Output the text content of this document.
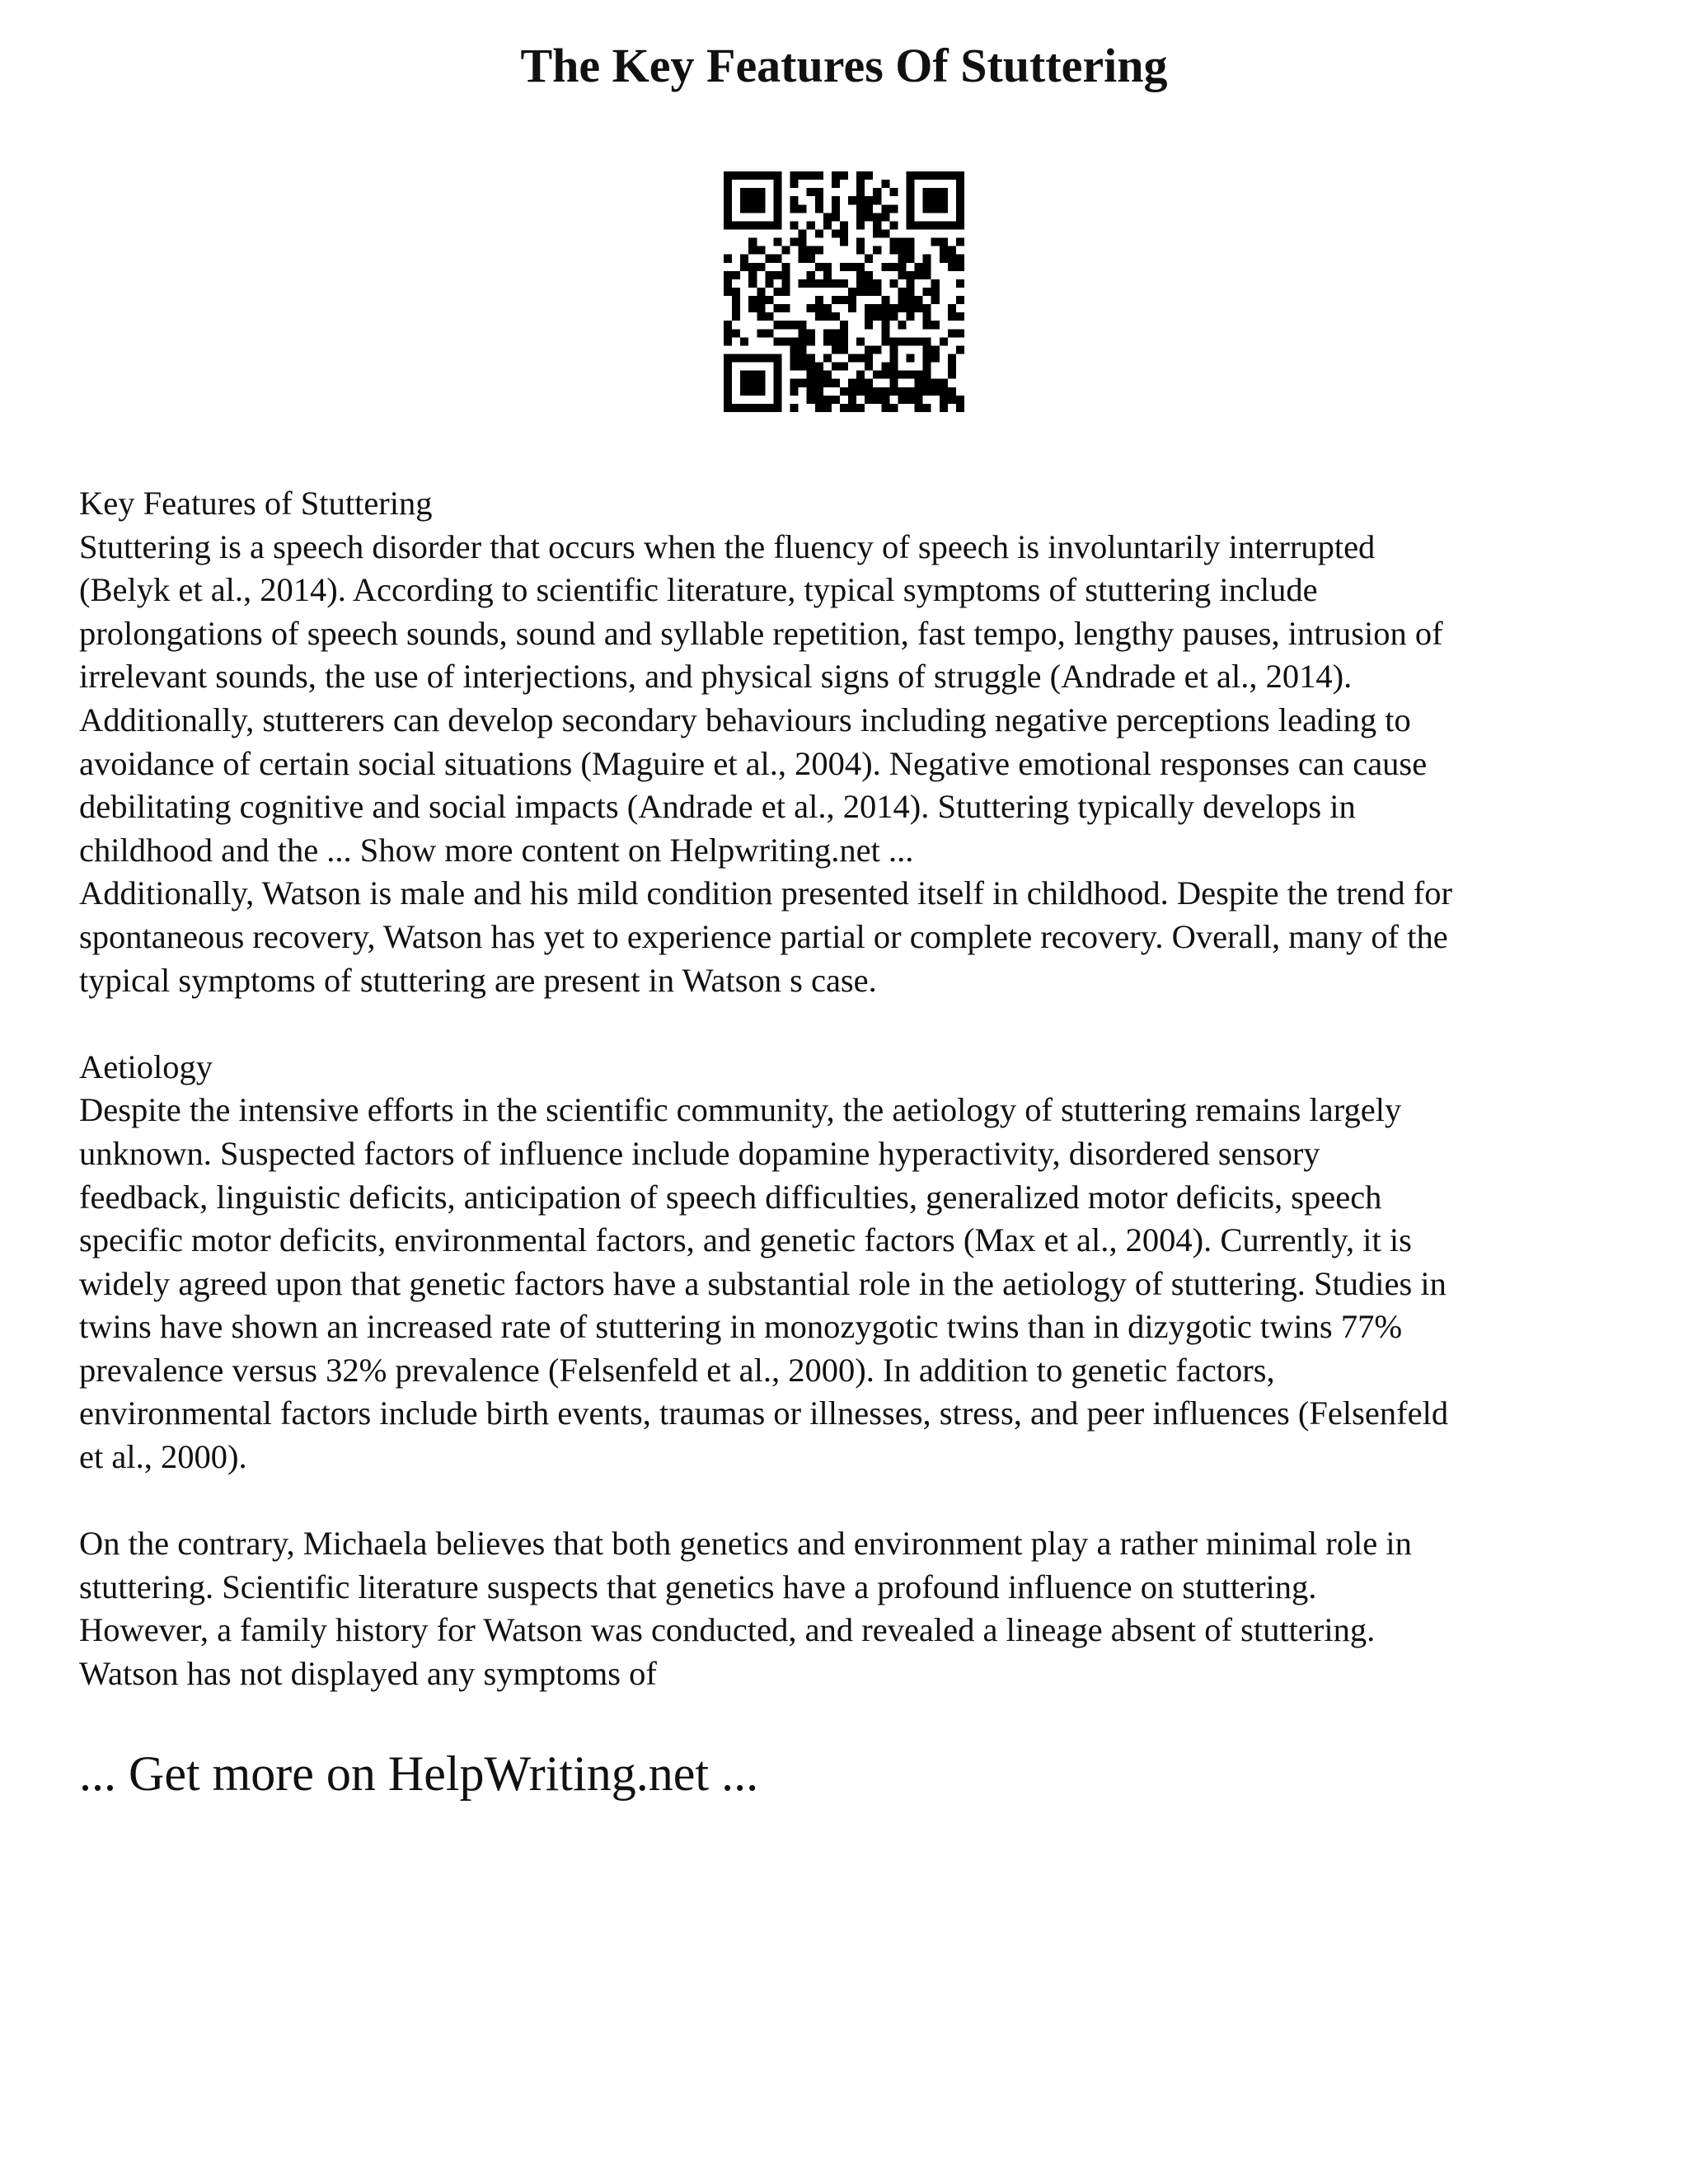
The Key Features Of Stuttering
Key Features of Stuttering
Stuttering is a speech disorder that occurs when the fluency of speech is involuntarily interrupted
(Belyk et al., 2014). According to scientific literature, typical symptoms of stuttering include
prolongations of speech sounds, sound and syllable repetition, fast tempo, lengthy pauses, intrusion of
irrelevant sounds, the use of interjections, and physical signs of struggle (Andrade et al., 2014).
Additionally, stutterers can develop secondary behaviours including negative perceptions leading to
avoidance of certain social situations (Maguire et al., 2004). Negative emotional responses can cause
debilitating cognitive and social impacts (Andrade et al., 2014). Stuttering typically develops in
childhood and the ... Show more content on Helpwriting.net ...
Additionally, Watson is male and his mild condition presented itself in childhood. Despite the trend for
spontaneous recovery, Watson has yet to experience partial or complete recovery. Overall, many of the
typical symptoms of stuttering are present in Watson s case.
Aetiology
Despite the intensive efforts in the scientific community, the aetiology of stuttering remains largely
unknown. Suspected factors of influence include dopamine hyperactivity, disordered sensory
feedback, linguistic deficits, anticipation of speech difficulties, generalized motor deficits, speech
specific motor deficits, environmental factors, and genetic factors (Max et al., 2004). Currently, it is
widely agreed upon that genetic factors have a substantial role in the aetiology of stuttering. Studies in
twins have shown an increased rate of stuttering in monozygotic twins than in dizygotic twins 77%
prevalence versus 32% prevalence (Felsenfeld et al., 2000). In addition to genetic factors,
environmental factors include birth events, traumas or illnesses, stress, and peer influences (Felsenfeld
et al., 2000).
On the contrary, Michaela believes that both genetics and environment play a rather minimal role in
stuttering. Scientific literature suspects that genetics have a profound influence on stuttering.
However, a family history for Watson was conducted, and revealed a lineage absent of stuttering.
Watson has not displayed any symptoms of
... Get more on HelpWriting.net ...
